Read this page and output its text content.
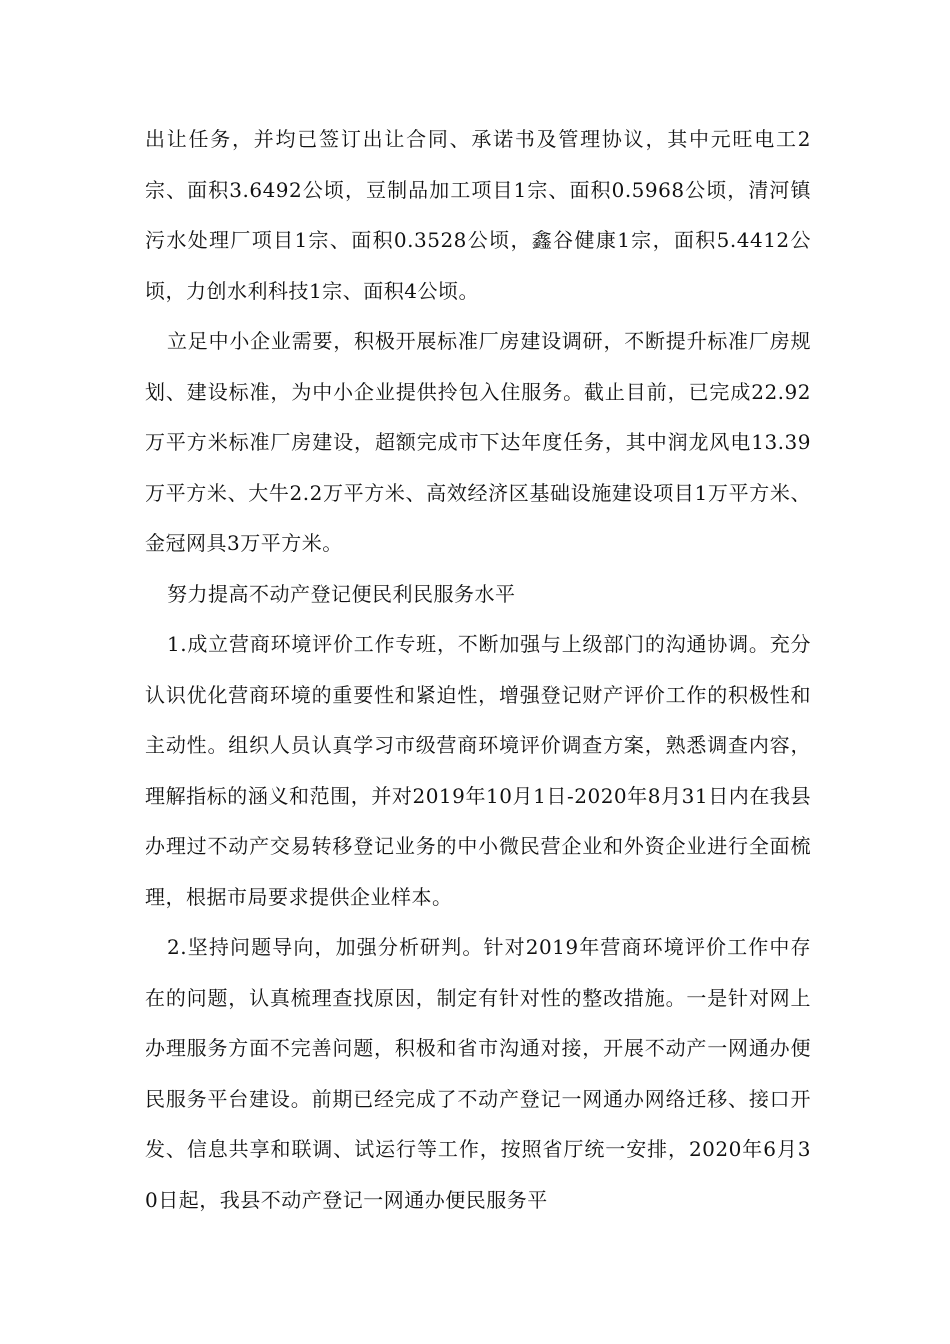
出让任务，并均已签订出让合同、承诺书及管理协议，其中元旺电工2宗、面积3.6492公顷，豆制品加工项目1宗、面积0.5968公顷，清河镇污水处理厂项目1宗、面积0.3528公顷，鑫谷健康1宗，面积5.4412公顷，力创水利科技1宗、面积4公顷。

立足中小企业需要，积极开展标准厂房建设调研，不断提升标准厂房规划、建设标准，为中小企业提供拎包入住服务。截止目前，已完成22.92万平方米标准厂房建设，超额完成市下达年度任务，其中润龙风电13.39万平方米、大牛2.2万平方米、高效经济区基础设施建设项目1万平方米、金冠网具3万平方米。

努力提高不动产登记便民利民服务水平

1.成立营商环境评价工作专班，不断加强与上级部门的沟通协调。充分认识优化营商环境的重要性和紧迫性，增强登记财产评价工作的积极性和主动性。组织人员认真学习市级营商环境评价调查方案，熟悉调查内容，理解指标的涵义和范围，并对2019年10月1日-2020年8月31日内在我县办理过不动产交易转移登记业务的中小微民营企业和外资企业进行全面梳理，根据市局要求提供企业样本。

2.坚持问题导向，加强分析研判。针对2019年营商环境评价工作中存在的问题，认真梳理查找原因，制定有针对性的整改措施。一是针对网上办理服务方面不完善问题，积极和省市沟通对接，开展不动产一网通办便民服务平台建设。前期已经完成了不动产登记一网通办网络迁移、接口开发、信息共享和联调、试运行等工作，按照省厅统一安排，2020年6月30日起，我县不动产登记一网通办便民服务平
